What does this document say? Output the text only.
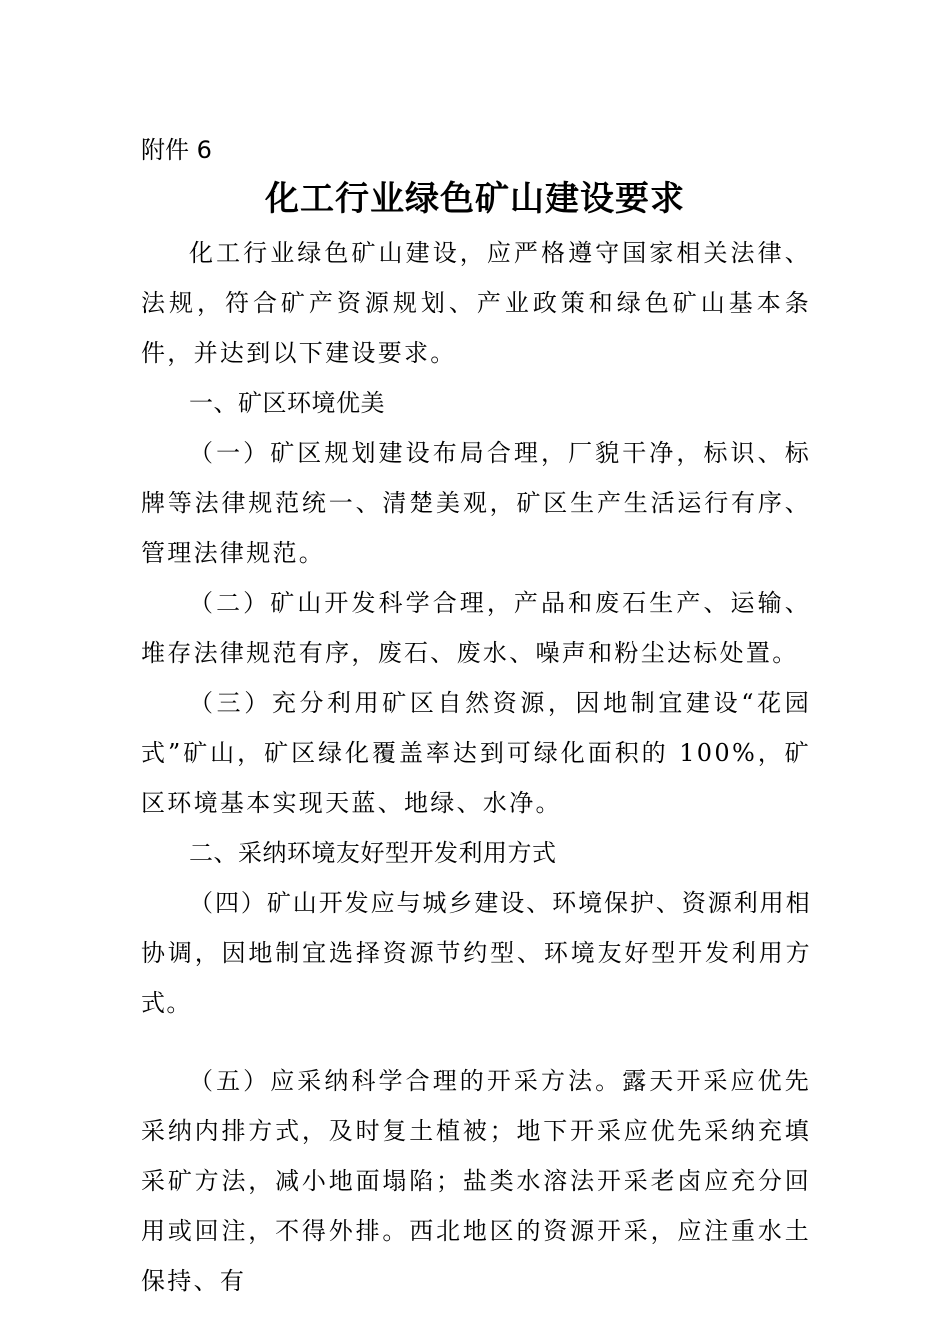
附件 6
化工行业绿色矿山建设要求

化工行业绿色矿山建设，应严格遵守国家相关法律、法规，符合矿产资源规划、产业政策和绿色矿山基本条件，并达到以下建设要求。

一、矿区环境优美

（一）矿区规划建设布局合理，厂貌干净，标识、标牌等法律规范统一、清楚美观，矿区生产生活运行有序、管理法律规范。

（二）矿山开发科学合理，产品和废石生产、运输、堆存法律规范有序，废石、废水、噪声和粉尘达标处置。

（三）充分利用矿区自然资源，因地制宜建设“花园式”矿山，矿区绿化覆盖率达到可绿化面积的 100%，矿区环境基本实现天蓝、地绿、水净。

二、采纳环境友好型开发利用方式

（四）矿山开发应与城乡建设、环境保护、资源利用相协调，因地制宜选择资源节约型、环境友好型开发利用方式。

（五）应采纳科学合理的开采方法。露天开采应优先采纳内排方式，及时复土植被；地下开采应优先采纳充填采矿方法，减小地面塌陷；盐类水溶法开采老卤应充分回用或回注，不得外排。西北地区的资源开采，应注重水土保持、有
